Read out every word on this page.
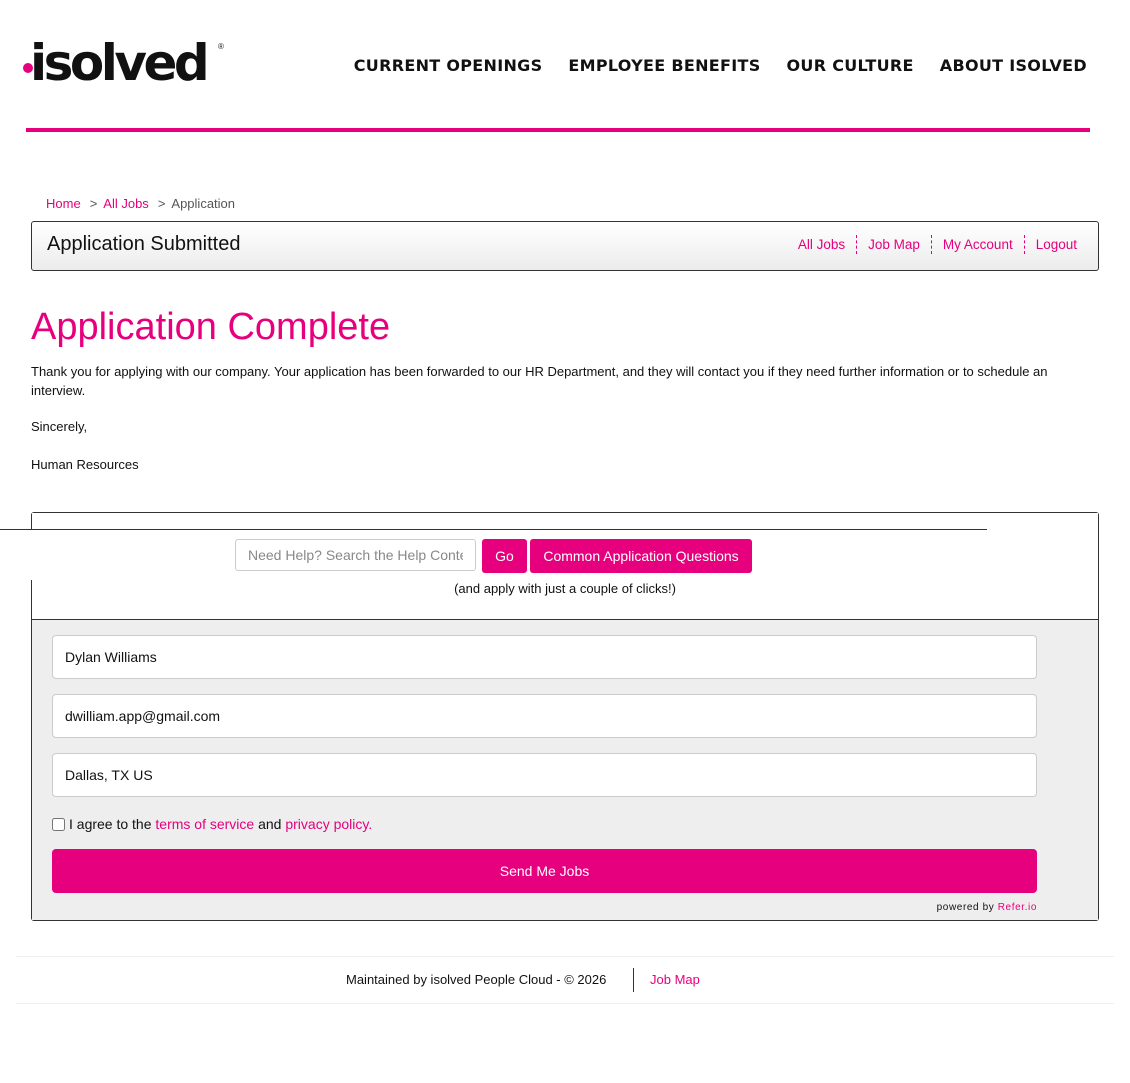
isolved ®
CURRENT OPENINGS EMPLOYEE BENEFITS OUR CULTURE ABOUT ISOLVED
Home > All Jobs > Application
Application Submitted	All Jobs	Job Map	My Account	Logout
Application Complete

Thank you for applying with our company. Your application has been forwarded to our HR Department, and they will contact you if they need further information or to schedule an interview.

Sincerely,
Human Resources
(and apply with just a couple of clicks!)
Dylan Williams
dwilliam.app@gmail.com
Dallas, TX US
I agree to the
terms of service
and
privacy policy.
Send Me Jobs
powered by Refer.io
Need Help? Search the Help Content
Go	Common Application Questions
Maintained by isolved People Cloud - © 2026	Job Map
